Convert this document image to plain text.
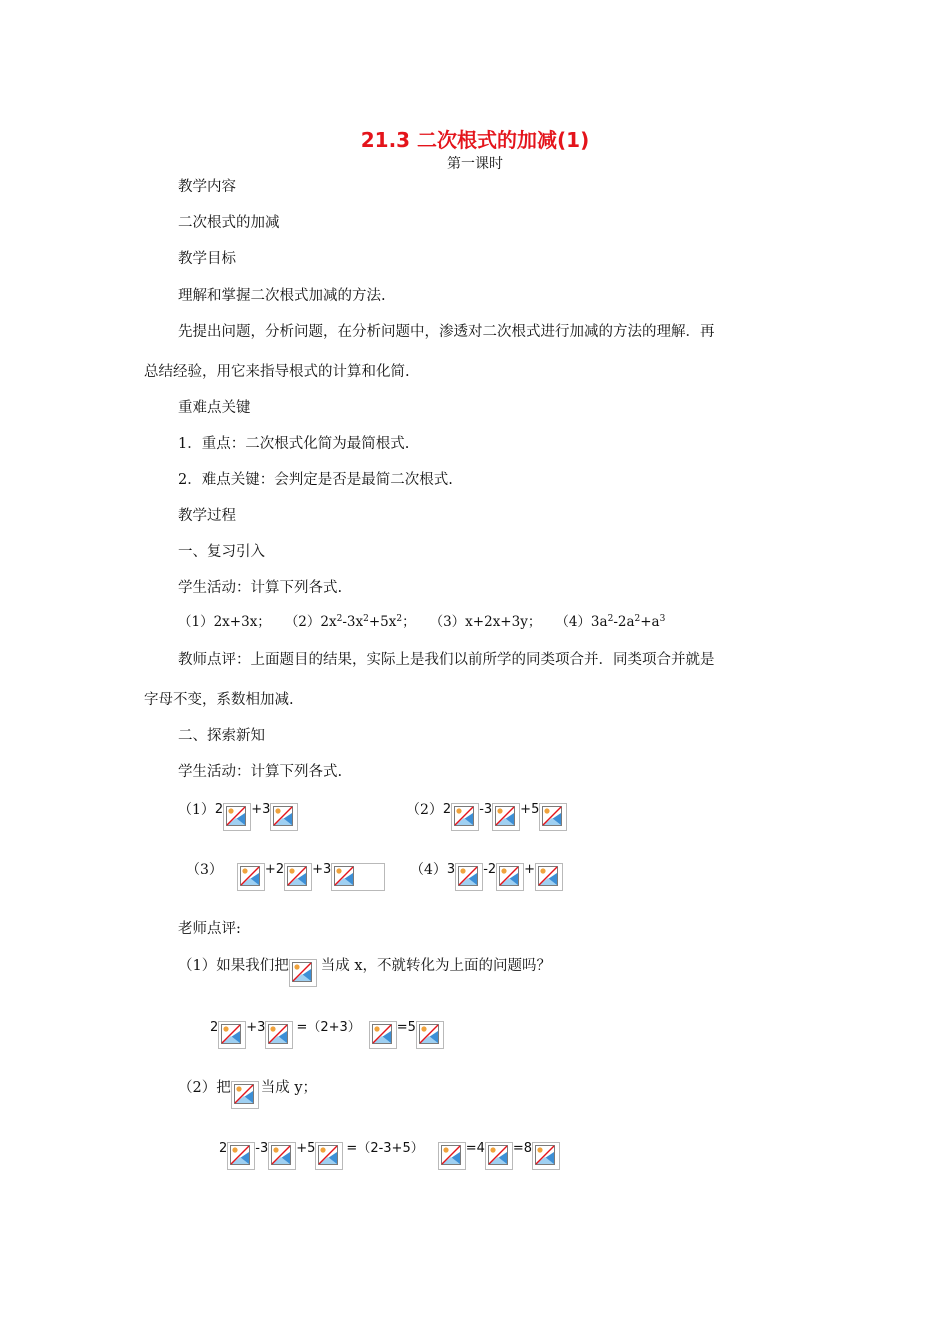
21.3 二次根式的加减(1)
第一课时
教学内容
二次根式的加减
教学目标
理解和掌握二次根式加减的方法.
先提出问题，分析问题，在分析问题中，渗透对二次根式进行加减的方法的理解．再
总结经验，用它来指导根式的计算和化简.
重难点关键
1．重点：二次根式化简为最简根式.
2．难点关键：会判定是否是最简二次根式.
教学过程
一、复习引入
学生活动：计算下列各式.
（1）2x+3x； $(2)2x^2-3x^2+5x^2$； （3）x+2x+3y； $(4)3a^2-2a^2+a^3$
教师点评：上面题目的结果，实际上是我们以前所学的同类项合并．同类项合并就是
字母不变，系数相加减.
二、探索新知
学生活动：计算下列各式.
（1） 2 +3	（2） 2 -3 +5
（3）	+2 +3	（4） 3 -2 +
老师点评:
（1）如果我们把 当成 x，不就转化为上面的问题吗？
2 +3 =（2+3）	=5
（2）把 当成 y；
2 -3 +5 =（2-3+5）	=4 =8
